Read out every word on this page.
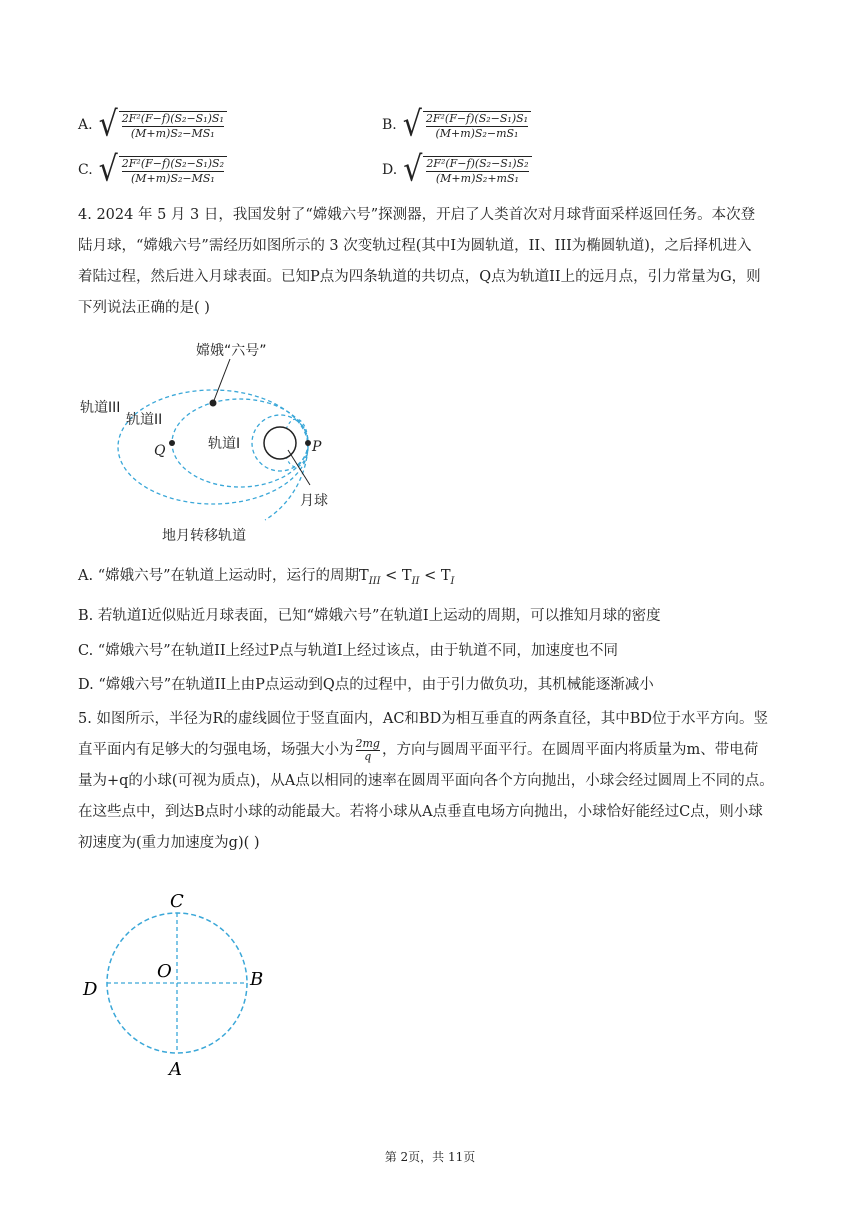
A. √ $\frac{\text{2F²(F−f)(S₂−S₁)S₁}}{\text{(M+m)S₂−MS₁}}$	B. √ $\frac{\text{2F²(F−f)(S₂−S₁)S₁}}{\text{(M+m)S₂−mS₁}}$
C. √ $\frac{\text{2F²(F−f)(S₂−S₁)S₂}}{\text{(M+m)S₂−MS₁}}$	D. √ $\frac{\text{2F²(F−f)(S₂−S₁)S₂}}{\text{(M+m)S₂+mS₁}}$
4. 2024 年 5 月 3 日，我国发射了“嫦娥六号”探测器，开启了人类首次对月球背面采样返回任务。本次登
陆月球，“嫦娥六号”需经历如图所示的 3 次变轨过程(其中I为圆轨道，II、III为椭圆轨道)，之后择机进入
着陆过程，然后进入月球表面。已知P点为四条轨道的共切点，Q点为轨道II上的远月点，引力常量为G，则
下列说法正确的是( )
嫦娥“六号”
轨道III
轨道II
轨道I
Q	P
月球
地月转移轨道
A. “嫦娥六号”在轨道上运动时，运行的周期$T_{III} < T_{II} < T_I$
B. 若轨道I近似贴近月球表面，已知“嫦娥六号”在轨道I上运动的周期，可以推知月球的密度
C. “嫦娥六号”在轨道II上经过P点与轨道I上经过该点，由于轨道不同，加速度也不同
D. “嫦娥六号”在轨道II上由P点运动到Q点的过程中，由于引力做负功，其机械能逐渐减小
5. 如图所示，半径为R的虚线圆位于竖直面内，AC和BD为相互垂直的两条直径，其中BD位于水平方向。竖
直平面内有足够大的匀强电场，场强大小为 $\frac{2mg}{q}$ ，方向与圆周平面平行。在圆周平面内将质量为m、带电荷
量为+q的小球(可视为质点)，从A点以相同的速率在圆周平面向各个方向抛出，小球会经过圆周上不同的点。
在这些点中，到达B点时小球的动能最大。若将小球从A点垂直电场方向抛出，小球恰好能经过C点，则小球
初速度为(重力加速度为g)( )
C
O
D	B
A
第 2页，共 11页
